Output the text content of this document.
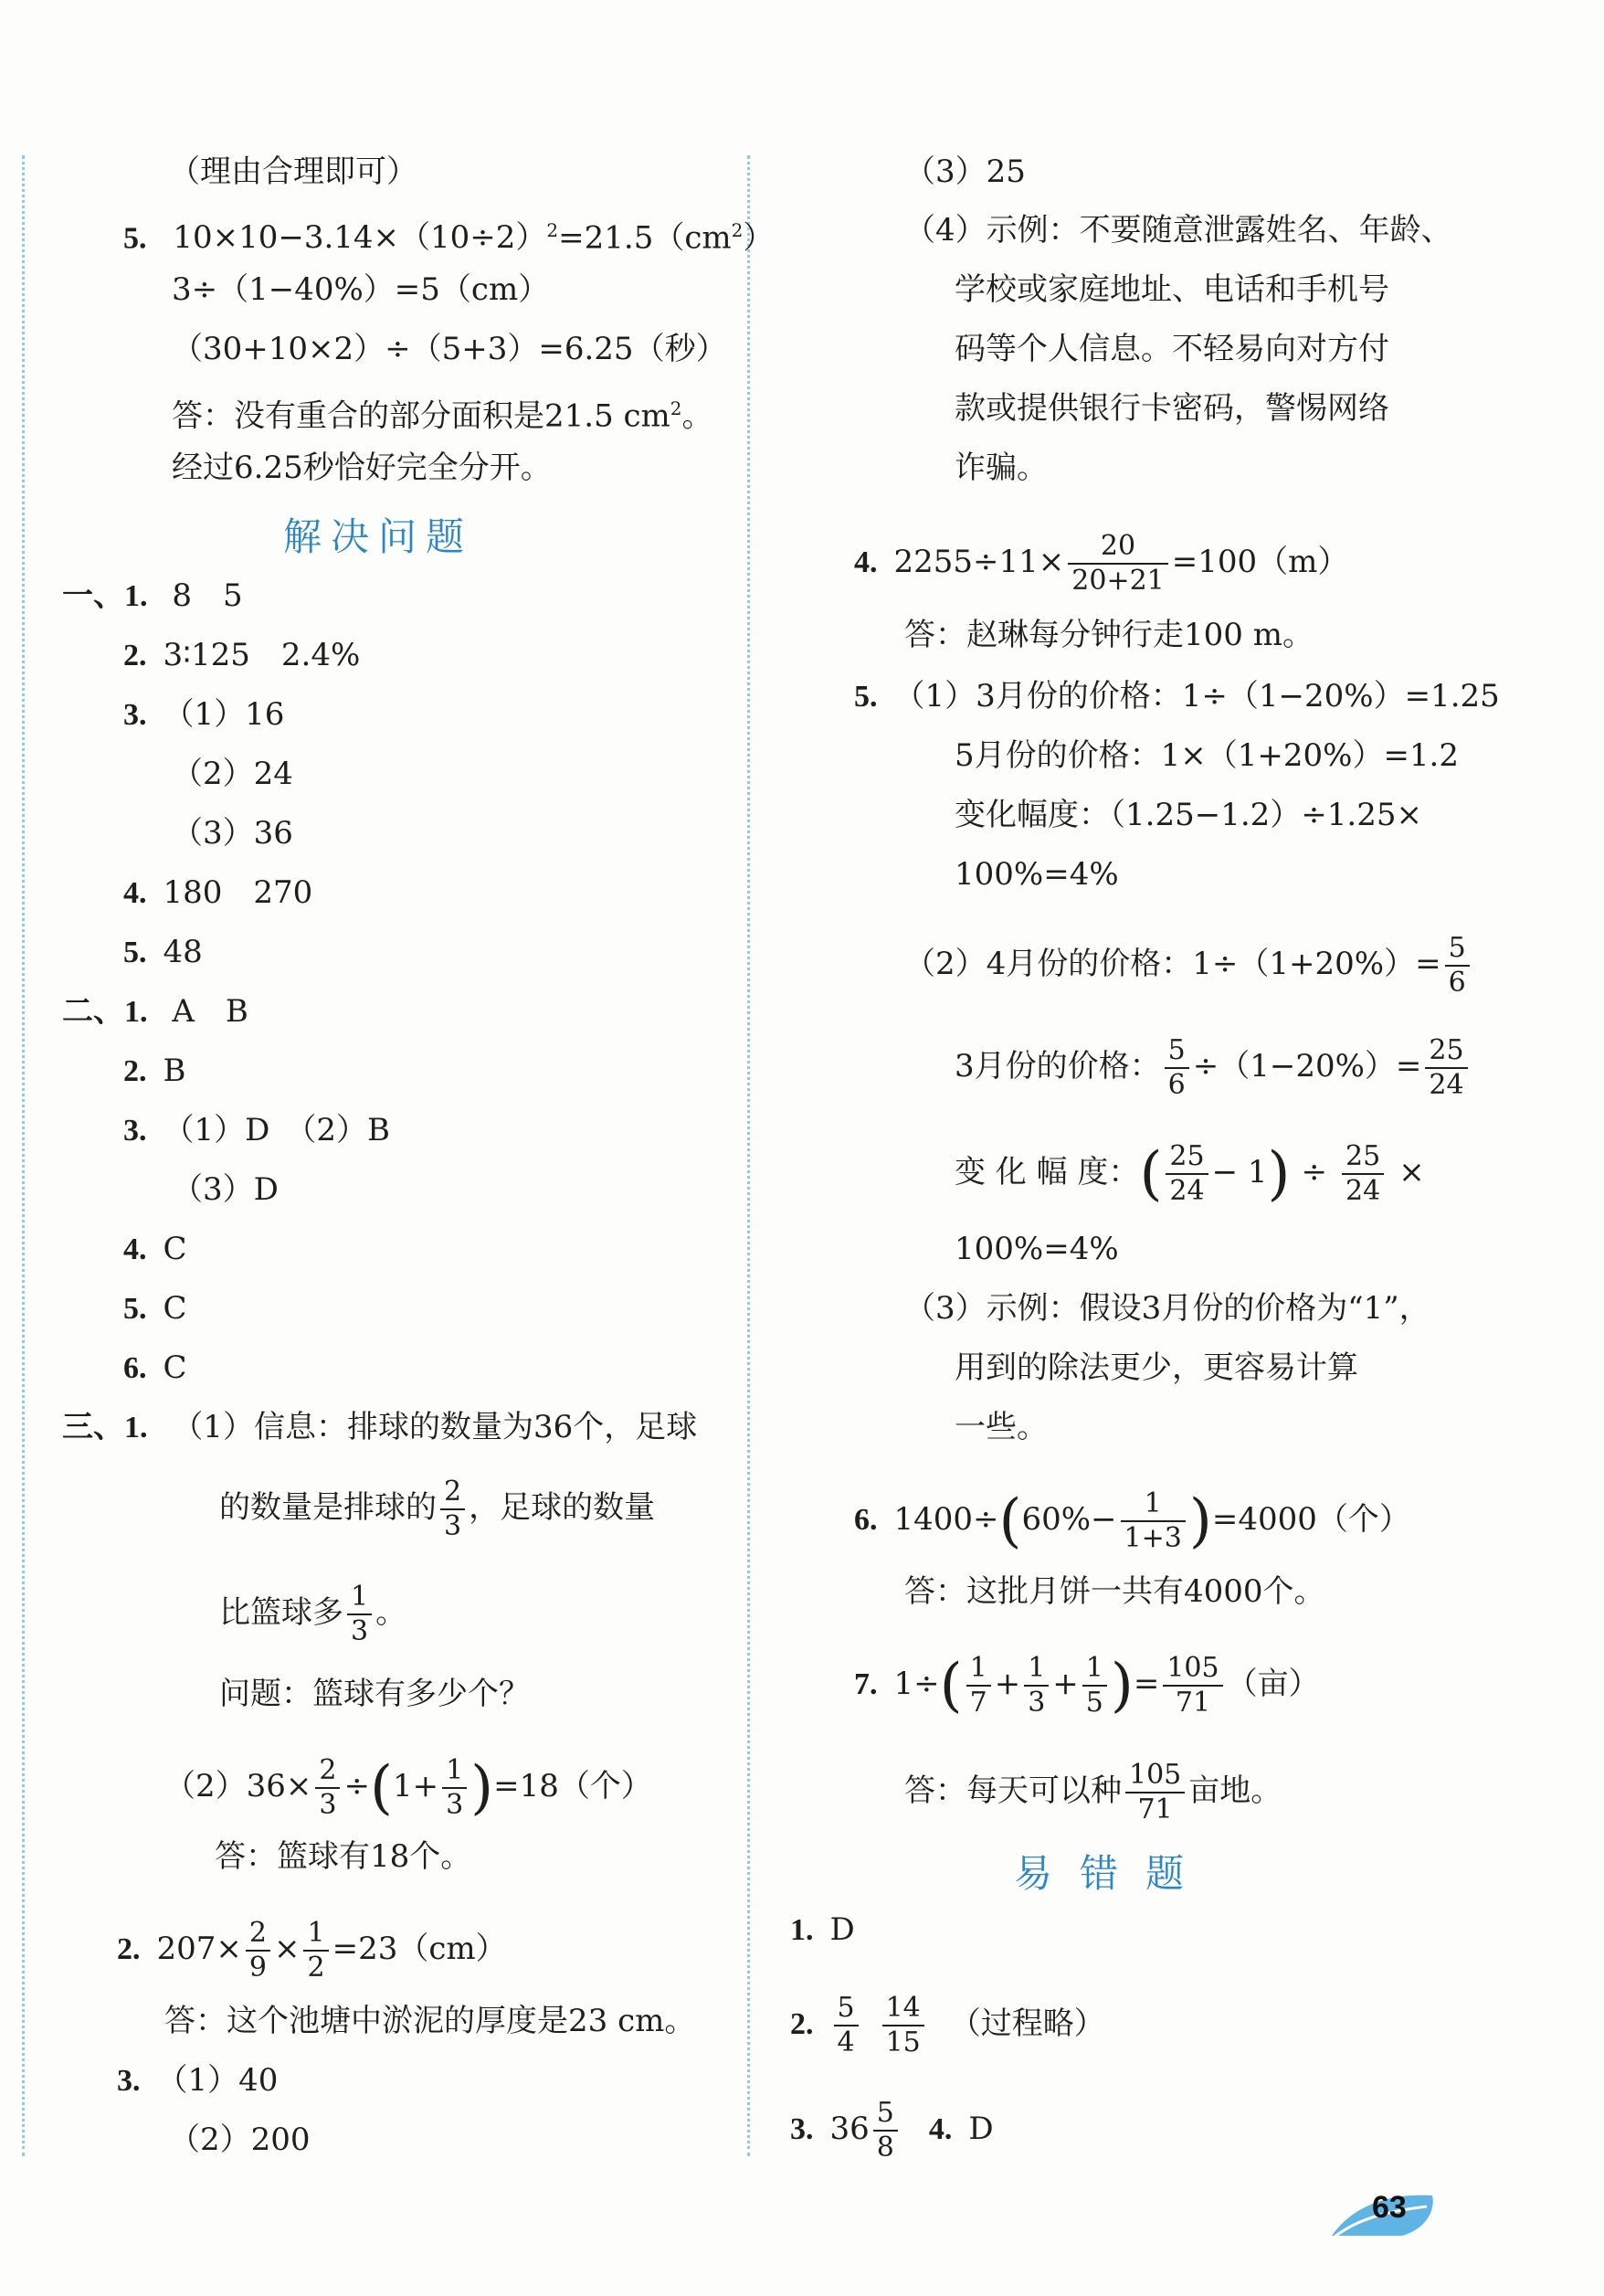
（理由合理即可）
5. $10\times 10-3.14\times(10\div 2)^2=21.5(cm^2)$
3÷（1−40%）=5（cm）
（30+10×2）÷（5+3）=6.25（秒）
答：没有重合的部分面积是21.5 $cm^2$。
经过6.25秒恰好完全分开。
解决问题
一、1. 8　5
2. 3∶125　2.4%
3. （1）16
（2）24
（3）36
4. 180　270
5. 48
二、1. A　B
2. B
3. （1）D　（2）B
（3）D
4. C
5. C
6. C
三、1. （1）信息：排球的数量为36个，足球
的数量是排球的 $\frac{2}{3}$ ，足球的数量
比篮球多 $\frac{1}{3}$ 。
问题：篮球有多少个？
$(2)36\times \frac{2}{3} \div(1+ \frac{1}{3} )=18$（个）
答：篮球有18个。
2. $207\times \frac{2}{9} \times \frac{1}{2} =23(cm)$
答：这个池塘中淤泥的厚度是23 cm。
3. （1）40
（2）200
（3）25
（4）示例：不要随意泄露姓名、年龄、
学校或家庭地址、电话和手机号
码等个人信息。不轻易向对方付
款或提供银行卡密码，警惕网络
诈骗。
4. $2255\div 11\times \frac{20}{20+21} =100(m)$
答：赵琳每分钟行走100 m。
5. （1）3月份的价格：1÷（1−20%）=1.25
5月份的价格：1×（1+20%）=1.2
变化幅度：（1.25−1.2）÷1.25×
100%=4%
（2）4月份的价格：$1\div(1+20\%)= \frac{5}{6}$
3月份的价格： $\frac{5}{6} \div(1-20\%)= \frac{25}{24}$
变 化 幅 度：( $\frac{25}{24} - 1) \div \frac{25}{24}$ ×
100%=4%
（3）示例：假设3月份的价格为“1”，
用到的除法更少，更容易计算
一些。
6. $1400\div(60\%- \frac{1}{1+3} )=4000$（个）
答：这批月饼一共有4000个。
7. $1\div( \frac{1}{7} + \frac{1}{3} + \frac{1}{5}$ )= $\frac{105}{71}$ （亩）
答：每天可以种 $\frac{105}{71}$ 亩地。
易错题
1. D
2. $\frac{5}{4} \frac{14}{15}$ （过程略）
3. $36 \frac{5}{8} 4$. D
63
